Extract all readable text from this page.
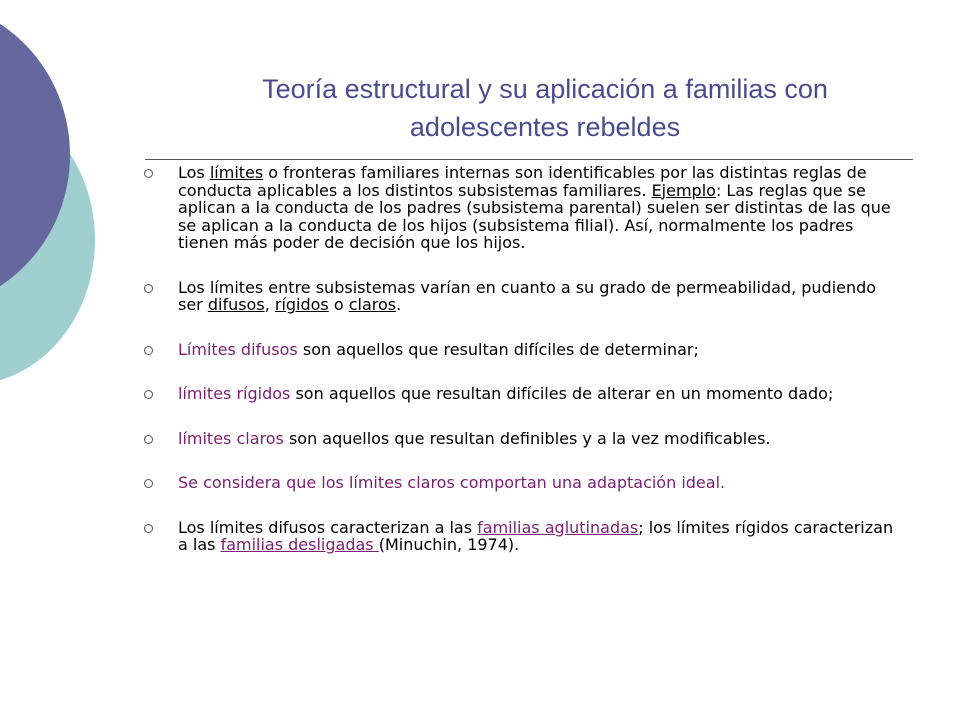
Teoría estructural y su aplicación a familias con
adolescentes rebeldes
Los límites o fronteras familiares internas son identificables por las distintas reglas de conducta aplicables a los distintos subsistemas familiares. Ejemplo: Las reglas que se aplican a la conducta de los padres (subsistema parental) suelen ser distintas de las que se aplican a la conducta de los hijos (subsistema filial). Así, normalmente los padres tienen más poder de decisión que los hijos.
Los límites entre subsistemas varían en cuanto a su grado de permeabilidad, pudiendo ser difusos, rígidos o claros.
Límites difusos son aquellos que resultan difíciles de determinar;
límites rígidos son aquellos que resultan difíciles de alterar en un momento dado;
límites claros son aquellos que resultan definibles y a la vez modificables.
Se considera que los límites claros comportan una adaptación ideal.
Los límites difusos caracterizan a las familias aglutinadas; los límites rígidos caracterizan a las familias desligadas (Minuchin, 1974).
